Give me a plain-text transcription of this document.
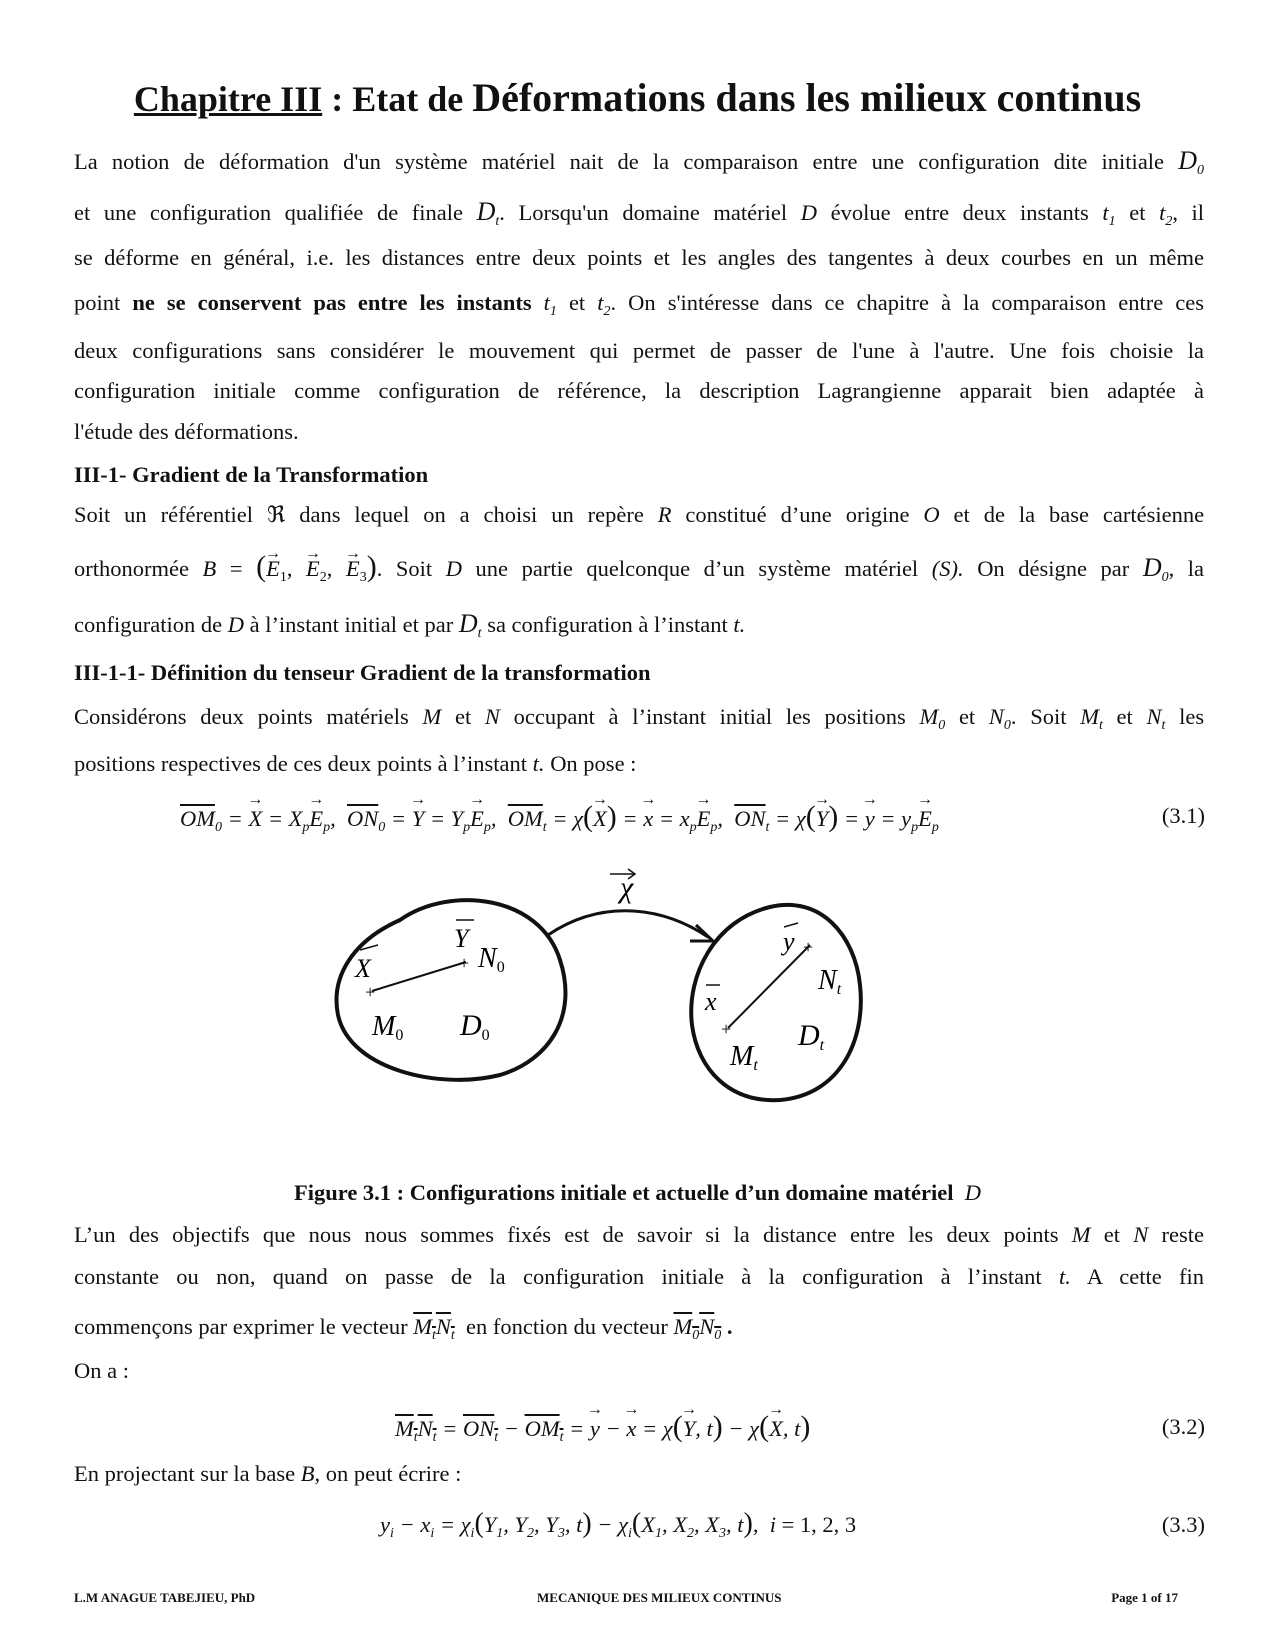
Chapitre III : Etat de Déformations dans les milieux continus
La notion de déformation d'un système matériel nait de la comparaison entre une configuration dite initiale $D_0$
et une configuration qualifiée de finale $D_t$. Lorsqu'un domaine matériel D évolue entre deux instants $t_1$ et $t_2$, il
se déforme en général, i.e. les distances entre deux points et les angles des tangentes à deux courbes en un même
point ne se conservent pas entre les instants $t_1$ et $t_2$. On s'intéresse dans ce chapitre à la comparaison entre ces
deux configurations sans considérer le mouvement qui permet de passer de l'une à l'autre. Une fois choisie la
configuration initiale comme configuration de référence, la description Lagrangienne apparait bien adaptée à
l'étude des déformations.
III-1- Gradient de la Transformation
Soit un référentiel ℜ dans lequel on a choisi un repère R constitué d’une origine O et de la base cartésienne
orthonormée B = (→ $E_1$, → $E_2$, → $E_3$). Soit D une partie quelconque d’un système matériel (S). On désigne par $D_0$, la
configuration de D à l’instant initial et par $D_t$ sa configuration à l’instant t.
III-1-1- Définition du tenseur Gradient de la transformation
Considérons deux points matériels M et N occupant à l’instant initial les positions $M_0$ et $N_0$. Soit $M_t$ et $N_t$ les
positions respectives de ces deux points à l’instant t. On pose :
$\overline{OM}_0$ = → $X = X_p\to E_p$,  $\overline{ON}_0$ = → $Y = Y_p\to E_p$,  $\overline{OM}_t = \chi(\to X)$ = → $x = x_p\to E_p$,  $\overline{ON}_t = \chi(\to Y)$ = → $y = y_p\to E_p$	(3.1)
χ
+
+
X
Y
N0
M0 D0	+
+
x
y
Nt
Mt
Dt
Figure 3.1 : Configurations initiale et actuelle d’un domaine matériel D
L’un des objectifs que nous nous sommes fixés est de savoir si la distance entre les deux points M et N reste
constante ou non, quand on passe de la configuration initiale à la configuration à l’instant t. A cette fin
commençons par exprimer le vecteur $M_tN_t$ en fonction du vecteur $M_0N_0$ .
On a :
$M_tN_t = ON_t - OM_t$ = → y − → x = χ(→ Y, t) − χ(→ X, t)	(3.2)
En projectant sur la base B, on peut écrire :
$y_i - x_i = \chi_i(Y_1$, $Y_2$, $Y_3$, $t) - \chi_i(X_1$, $X_2$, $X_3$, t),  i = 1, 2, 3	(3.3)
L.M ANAGUE TABEJIEU, PhD	MECANIQUE DES MILIEUX CONTINUS	Page 1 of 17
